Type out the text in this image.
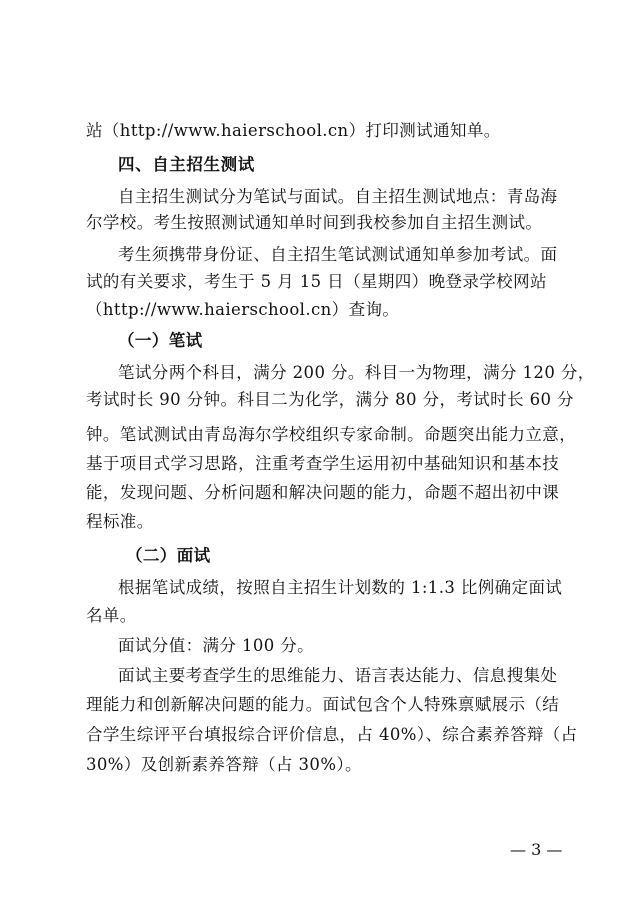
站（http://www.haierschool.cn）打印测试通知单。
四、自主招生测试
自主招生测试分为笔试与面试。自主招生测试地点：青岛海
尔学校。考生按照测试通知单时间到我校参加自主招生测试。
考生须携带身份证、自主招生笔试测试通知单参加考试。面
试的有关要求，考生于 5 月 15 日（星期四）晚登录学校网站
（http://www.haierschool.cn）查询。
（一）笔试
笔试分两个科目，满分 200 分。科目一为物理，满分 120 分，
考试时长 90 分钟。科目二为化学，满分 80 分，考试时长 60 分
钟。笔试测试由青岛海尔学校组织专家命制。命题突出能力立意，
基于项目式学习思路，注重考查学生运用初中基础知识和基本技
能，发现问题、分析问题和解决问题的能力，命题不超出初中课
程标准。
（二）面试
根据笔试成绩，按照自主招生计划数的 1:1.3 比例确定面试
名单。
面试分值：满分 100 分。
面试主要考查学生的思维能力、语言表达能力、信息搜集处
理能力和创新解决问题的能力。面试包含个人特殊禀赋展示（结
合学生综评平台填报综合评价信息，占 40%）、综合素养答辩（占
30%）及创新素养答辩（占 30%）。
— 3 —
